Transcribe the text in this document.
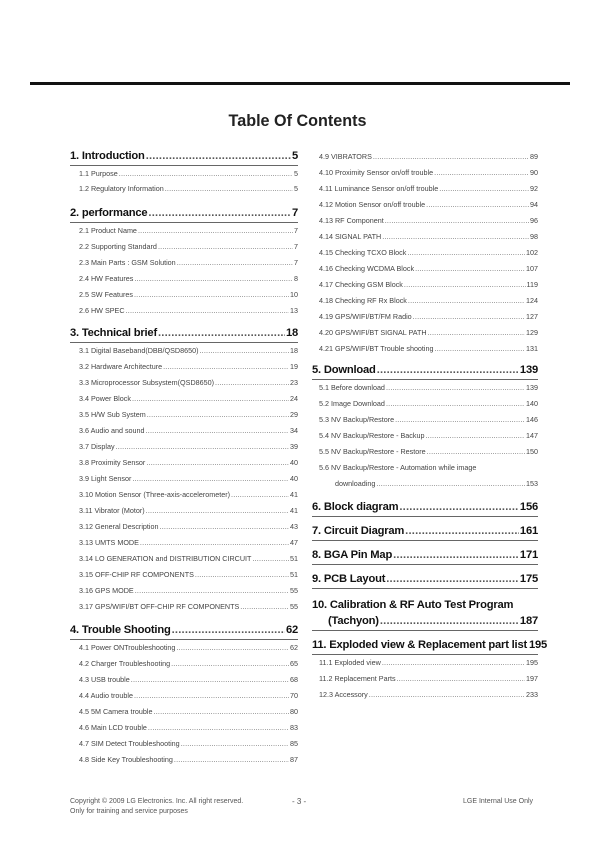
Table Of Contents
1. Introduction .....	5
1.1 Purpose .....	5
1.2 Regulatory Information .....	5
2. performance .....	7
2.1 Product Name .....	7
2.2 Supporting Standard .....	7
2.3 Main Parts : GSM Solution .....	7
2.4 HW Features .....	8
2.5 SW Features .....	10
2.6 HW SPEC .....	13
3. Technical brief .....	18
3.1 Digital Baseband(DBB/QSD8650) .....	18
3.2 Hardware Architecture .....	19
3.3 Microprocessor Subsystem(QSD8650) .....	23
3.4 Power Block .....	24
3.5 H/W Sub System .....	29
3.6 Audio and sound .....	34
3.7 Display .....	39
3.8 Proximity Sensor .....	40
3.9 Light Sensor .....	40
3.10 Motion Sensor (Three-axis-accelerometer) .....	41
3.11 Vibrator (Motor) .....	41
3.12 General Description .....	43
3.13 UMTS MODE .....	47
3.14 LO GENERATION and DISTRIBUTION CIRCUIT .....	51
3.15 OFF-CHIP RF COMPONENTS .....	51
3.16 GPS MODE .....	55
3.17 GPS/WIFI/BT OFF-CHIP RF COMPONENTS .....	55
4. Trouble Shooting .....	62
4.1 Power ONTroubleshooting .....	62
4.2 Charger Troubleshooting .....	65
4.3 USB trouble .....	68
4.4 Audio trouble .....	70
4.5 5M Camera trouble .....	80
4.6 Main LCD trouble .....	83
4.7 SIM Detect Troubleshooting .....	85
4.8 Side Key Troubleshooting .....	87
4.9 VIBRATORS .....	89
4.10 Proximity Sensor on/off trouble .....	90
4.11 Luminance Sensor on/off trouble .....	92
4.12 Motion Sensor on/off trouble .....	94
4.13 RF Component .....	96
4.14 SIGNAL PATH .....	98
4.15 Checking TCXO Block .....	102
4.16 Checking WCDMA Block .....	107
4.17 Checking GSM Block .....	119
4.18 Checking RF Rx Block .....	124
4.19 GPS/WIFI/BT/FM Radio .....	127
4.20 GPS/WIFI/BT SIGNAL PATH .....	129
4.21 GPS/WIFI/BT Trouble shooting .....	131
5. Download .....	139
5.1 Before download .....	139
5.2 Image Download .....	140
5.3 NV Backup/Restore .....	146
5.4 NV Backup/Restore - Backup .....	147
5.5 NV Backup/Restore - Restore .....	150
5.6 NV Backup/Restore - Automation while image
downloading .....	153
6. Block diagram .....	156
7. Circuit Diagram .....	161
8. BGA Pin Map .....	171
9. PCB Layout .....	175
10. Calibration & RF Auto Test Program
(Tachyon) .....	187
11. Exploded view & Replacement part list 195
11.1 Exploded view .....	195
11.2 Replacement Parts .....	197
12.3 Accessory .....	233
Copyright © 2009 LG Electronics. Inc. All right reserved.
Only for training and service purposes
- 3 -	LGE Internal Use Only
